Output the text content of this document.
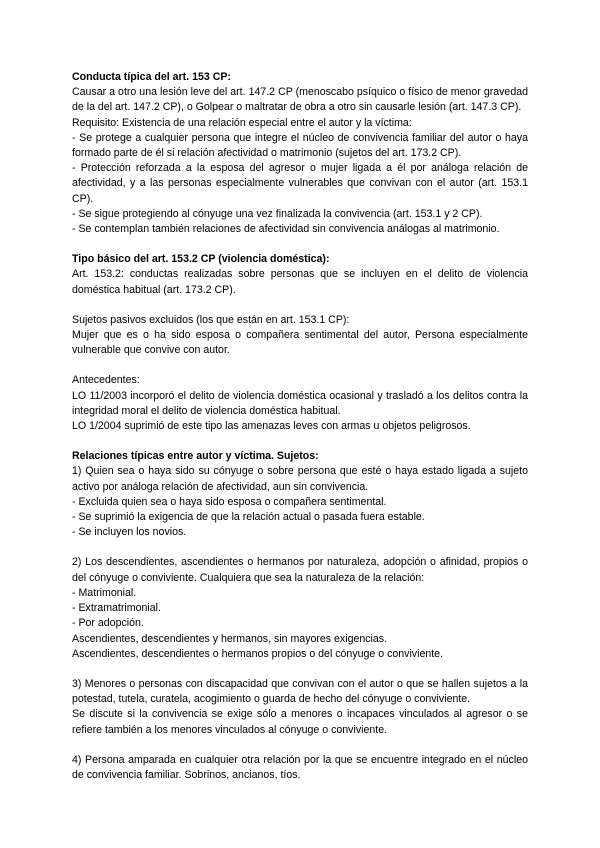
Conducta típica del art. 153 CP:

Causar a otro una lesión leve del art. 147.2 CP (menoscabo psíquico o físico de menor gravedad de la del art. 147.2 CP), o Golpear o maltratar de obra a otro sin causarle lesión (art. 147.3 CP).

Requisito: Existencia de una relación especial entre el autor y la víctima:

- Se protege a cualquier persona que integre el núcleo de convivencia familiar del autor o haya formado parte de él si relación afectividad o matrimonio (sujetos del art. 173.2 CP).

- Protección reforzada a la esposa del agresor o mujer ligada a él por análoga relación de afectividad, y a las personas especialmente vulnerables que convivan con el autor (art. 153.1 CP).

- Se sigue protegiendo al cónyuge una vez finalizada la convivencia (art. 153.1 y 2 CP).

- Se contemplan también relaciones de afectividad sin convivencia análogas al matrimonio.

Tipo básico del art. 153.2 CP (violencia doméstica):

Art. 153.2: conductas realizadas sobre personas que se incluyen en el delito de violencia doméstica habitual (art. 173.2 CP).

Sujetos pasivos excluidos (los que están en art. 153.1 CP):

Mujer que es o ha sido esposa o compañera sentimental del autor, Persona especialmente vulnerable que convive con autor.

Antecedentes:

LO 11/2003 incorporó el delito de violencia doméstica ocasional y trasladó a los delitos contra la integridad moral el delito de violencia doméstica habitual.

LO 1/2004 suprimió de este tipo las amenazas leves con armas u objetos peligrosos.

Relaciones típicas entre autor y víctima. Sujetos:

1) Quien sea o haya sido su cónyuge o sobre persona que esté o haya estado ligada a sujeto activo por análoga relación de afectividad, aun sin convivencia.

- Excluida quien sea o haya sido esposa o compañera sentimental.

- Se suprimió la exigencia de que la relación actual o pasada fuera estable.

- Se incluyen los novios.

2) Los descendientes, ascendientes o hermanos por naturaleza, adopción o afinidad, propios o del cónyuge o conviviente. Cualquiera que sea la naturaleza de la relación:

- Matrimonial.

- Extramatrimonial.

- Por adopción.

Ascendientes, descendientes y hermanos, sin mayores exigencias.

Ascendientes, descendientes o hermanos propios o del cónyuge o conviviente.

3) Menores o personas con discapacidad que convivan con el autor o que se hallen sujetos a la potestad, tutela, curatela, acogimiento o guarda de hecho del cónyuge o conviviente.

Se discute si la convivencia se exige sólo a menores o incapaces vinculados al agresor o se refiere también a los menores vinculados al cónyuge o conviviente.

4) Persona amparada en cualquier otra relación por la que se encuentre integrado en el núcleo de convivencia familiar. Sobrinos, ancianos, tíos.
